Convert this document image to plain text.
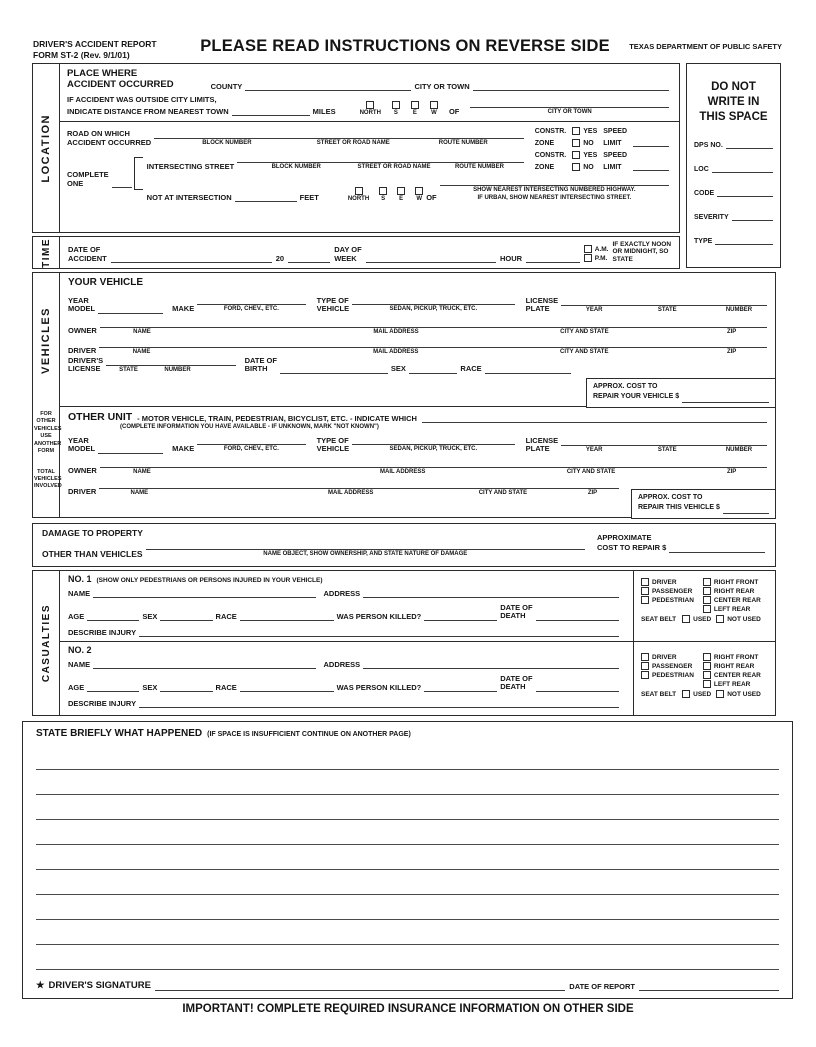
DRIVER'S ACCIDENT REPORT
FORM ST-2 (Rev. 9/1/01)
PLEASE READ INSTRUCTIONS ON REVERSE SIDE	TEXAS DEPARTMENT OF PUBLIC SAFETY
LOCATION
PLACE WHERE
ACCIDENT OCCURRED	COUNTY	CITY OR TOWN
IF ACCIDENT WAS OUTSIDE CITY LIMITS,
INDICATE DISTANCE FROM NEAREST TOWN	MILES	NORTH S E W OF	CITY OR TOWN
ROAD ON WHICH
ACCIDENT OCCURRED	BLOCK NUMBER	STREET OR ROAD NAME	ROUTE NUMBER
CONSTR. YES SPEED
ZONE	NO LIMIT
COMPLETE
ONE
INTERSECTING STREET	BLOCK NUMBER	STREET OR ROAD NAME	ROUTE NUMBER
CONSTR. YES SPEED
ZONE	NO LIMIT
NOT AT INTERSECTION	FEET	NORTH S E W OF
SHOW NEAREST INTERSECTING NUMBERED HIGHWAY.
IF URBAN, SHOW NEAREST INTERSECTING STREET.
DO NOT
WRITE IN
THIS SPACE
DPS NO.
LOC
CODE
SEVERITY
TYPE
TIME DATE OF
ACCIDENT	20
DAY OF
WEEK	HOUR
A.M.
P.M.
IF EXACTLY NOON
OR MIDNIGHT, SO
STATE
VEHICLES
FOR OTHER VEHICLES USE ANOTHER FORM
TOTAL VEHICLES INVOLVED
YOUR VEHICLE
YEAR
MODEL	MAKE	FORD, CHEV., ETC.
TYPE OF
VEHICLE	SEDAN, PICKUP, TRUCK, ETC.
LICENSE
PLATE	YEAR	STATE	NUMBER
OWNER	NAME	MAIL ADDRESS	CITY AND STATE	ZIP
DRIVER	NAME	MAIL ADDRESS	CITY AND STATE	ZIP
DRIVER'S
LICENSE	STATE	NUMBER
DATE OF
BIRTH	SEX	RACE
APPROX. COST TO
REPAIR YOUR VEHICLE $
OTHER UNIT - MOTOR VEHICLE, TRAIN, PEDESTRIAN, BICYCLIST, ETC. - INDICATE WHICH
(COMPLETE INFORMATION YOU HAVE AVAILABLE - IF UNKNOWN, MARK "NOT KNOWN")
YEAR
MODEL	MAKE	FORD, CHEV., ETC.
TYPE OF
VEHICLE	SEDAN, PICKUP, TRUCK, ETC.
LICENSE
PLATE	YEAR	STATE	NUMBER
OWNER	NAME	MAIL ADDRESS	CITY AND STATE	ZIP
DRIVER	NAME	MAIL ADDRESS	CITY AND STATE	ZIP
APPROX. COST TO
REPAIR THIS VEHICLE $
DAMAGE TO PROPERTY
OTHER THAN VEHICLES	NAME OBJECT, SHOW OWNERSHIP, AND STATE NATURE OF DAMAGE
APPROXIMATE
COST TO REPAIR $
CASUALTIES
NO. 1 (SHOW ONLY PEDESTRIANS OR PERSONS INJURED IN YOUR VEHICLE)
NAME	ADDRESS
AGE	SEX	RACE	WAS PERSON KILLED?
DATE OF
DEATH
DESCRIBE INJURY
DRIVER
PASSENGER
PEDESTRIAN
RIGHT FRONT
RIGHT REAR
CENTER REAR
LEFT REAR
SEAT BELT	USED NOT USED
NO. 2
NAME	ADDRESS
AGE	SEX	RACE	WAS PERSON KILLED?
DATE OF
DEATH
DESCRIBE INJURY
DRIVER
PASSENGER
PEDESTRIAN
RIGHT FRONT
RIGHT REAR
CENTER REAR
LEFT REAR
SEAT BELT	USED NOT USED
STATE BRIEFLY WHAT HAPPENED (IF SPACE IS INSUFFICIENT CONTINUE ON ANOTHER PAGE)
★ DRIVER'S SIGNATURE	DATE OF REPORT
IMPORTANT! COMPLETE REQUIRED INSURANCE INFORMATION ON OTHER SIDE
